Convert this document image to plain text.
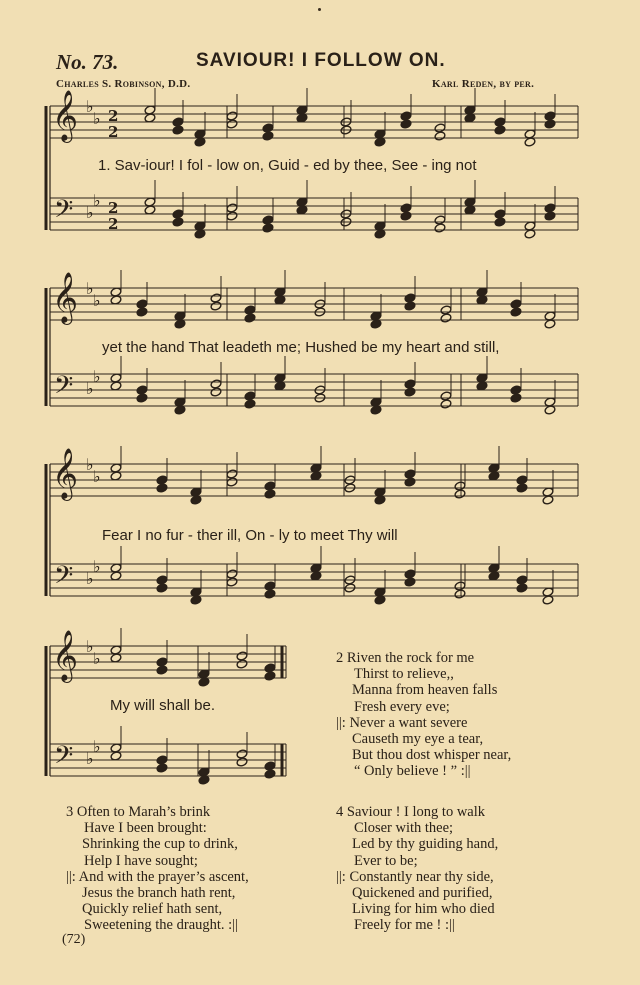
No. 73.	SAVIOUR! I FOLLOW ON.
Charles S. Robinson, D.D.	Karl Reden, by per.
𝄞
𝄢
♭
♭
♭
♭
𝄞
𝄢
♭
♭
♭
♭
𝄞
𝄢
♭
♭
♭
♭
𝄞
𝄢
♭
♭
♭
♭
2
2
2
2
1. Sav-iour! I fol - low on, Guid - ed by thee, See - ing not
yet the hand That leadeth me; Hushed be my heart and still,
Fear I no fur - ther ill, On - ly to meet Thy will
My will shall be.
2 Riven the rock for me
Thirst to relieve,,
Manna from heaven falls
Fresh every eve;
||: Never a want severe
Causeth my eye a tear,
But thou dost whisper near,
“ Only believe ! ” :||
3 Often to Marah’s brink
Have I been brought:
Shrinking the cup to drink,
Help I have sought;
||: And with the prayer’s ascent,
Jesus the branch hath rent,
Quickly relief hath sent,
Sweetening the draught. :||
4 Saviour ! I long to walk
Closer with thee;
Led by thy guiding hand,
Ever to be;
||: Constantly near thy side,
Quickened and purified,
Living for him who died
Freely for me ! :||
(72)
